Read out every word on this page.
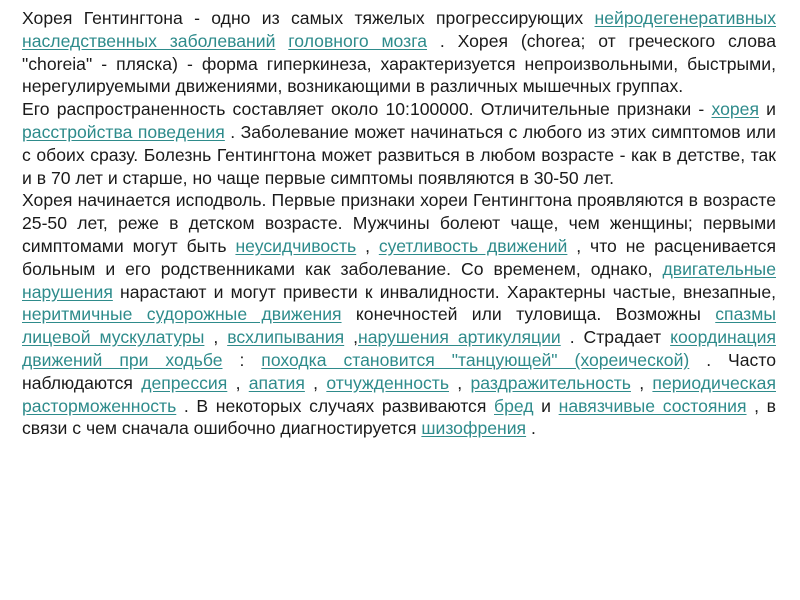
Хорея Гентингтона - одно из самых тяжелых прогрессирующих нейродегенеративных наследственных заболеваний головного мозга . Хорея (chorea; от греческого слова "choreia" - пляска) - форма гиперкинеза, характеризуется непроизвольными, быстрыми, нерегулируемыми движениями, возникающими в различных мышечных группах.

Его распространенность составляет около 10:100000. Отличительные признаки - хорея и расстройства поведения . Заболевание может начинаться с любого из этих симптомов или с обоих сразу. Болезнь Гентингтона может развиться в любом возрасте - как в детстве, так и в 70 лет и старше, но чаще первые симптомы появляются в 30-50 лет.

Хорея начинается исподволь. Первые признаки хореи Гентингтона проявляются в возрасте 25-50 лет, реже в детском возрасте. Мужчины болеют чаще, чем женщины; первыми симптомами могут быть неусидчивость , суетливость движений , что не расценивается больным и его родственниками как заболевание. Со временем, однако, двигательные нарушения нарастают и могут привести к инвалидности. Характерны частые, внезапные, неритмичные судорожные движения конечностей или туловища. Возможны спазмы лицевой мускулатуры , всхлипывания ,нарушения артикуляции . Страдает координация движений при ходьбе : походка становится "танцующей" (хореической) . Часто наблюдаются депрессия , апатия , отчужденность , раздражительность , периодическая расторможенность . В некоторых случаях развиваются бред и навязчивые состояния , в связи с чем сначала ошибочно диагностируется шизофрения .
